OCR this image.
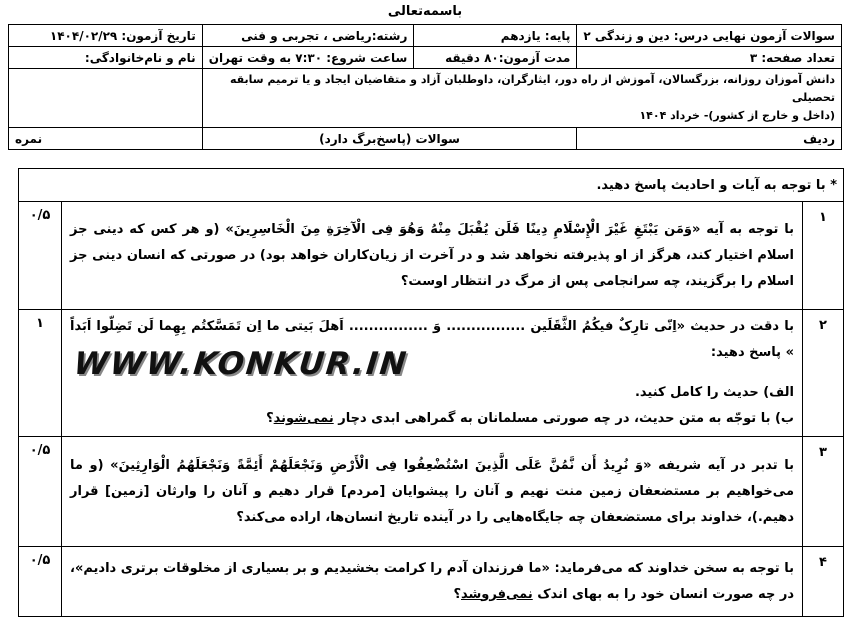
باسمه‌تعالی
سوالات آزمون نهایی درس: دین و زندگی ۲	پایه: یازدهم	رشته:ریاضی ، تجربی و فنی	تاریخ آزمون: ۱۴۰۴/۰۲/۲۹
تعداد صفحه: ۳	مدت آزمون:۸۰ دقیقه	ساعت شروع: ۷:۳۰ به وقت تهران	نام و نام‌خانوادگی:

دانش آموزان روزانه، بزرگسالان، آموزش از راه دور، ایثارگران، داوطلبان آزاد و متقاضیان ایجاد و یا ترمیم سابقه تحصیلی
(داخل و خارج از کشور)- خرداد ۱۴۰۴			

ردیف	سوالات (پاسخ‌برگ دارد)		نمره
* با توجه به آیات و احادیث پاسخ دهید.		
۱	با توجه به آیه «وَمَن یَبْتَغِ غَیْرَ الْإِسْلَامِ دِینًا فَلَن یُقْبَلَ مِنْهُ وَهُوَ فِی الْآخِرَةِ مِنَ الْخَاسِرِینَ» (و هر کس که دینی جز اسلام اختیار کند، هرگز از او پذیرفته نخواهد شد و در آخرت از زیان‌کاران خواهد بود) در صورتی که انسان دینی جز اسلام را برگزیند، چه سرانجامی پس از مرگ در انتظار اوست؟	۰/۵
۲	با دقت در حدیث «اِنّی تارِکٌ فیکُمُ الثَّقَلَین ................ وَ ................ اَهلَ بَیتی ما اِن تَمَسَّکتُم بِهِما لَن تَضِلّوا اَبَداً » پاسخ دهید:

الف) حدیث را کامل کنید.

ب) با توجّه به متن حدیث، در چه صورتی مسلمانان به گمراهی ابدی دچار نمی‌شوند؟	۱
۳	با تدبر در آیه شریفه «وَ نُرِیدُ أَن نَّمُنَّ عَلَى الَّذِینَ اسْتُضْعِفُوا فِی الْأَرْضِ وَنَجْعَلَهُمْ أَئِمَّةً وَنَجْعَلَهُمُ الْوَارِثِینَ» (و ما می‌خواهیم بر مستضعفان زمین منت نهیم و آنان را پیشوایان [مردم] قرار دهیم و آنان را وارثان [زمین] قرار دهیم.)، خداوند برای مستضعفان چه جایگاه‌هایی را در آینده تاریخ انسان‌ها، اراده می‌کند؟	۰/۵
۴	با توجه به سخن خداوند که می‌فرماید: «ما فرزندان آدم را کرامت بخشیدیم و بر بسیاری از مخلوقات برتری دادیم»، در چه صورت انسان خود را به بهای اندک نمی‌فروشد؟	۰/۵
WWW.KONKUR.IN
